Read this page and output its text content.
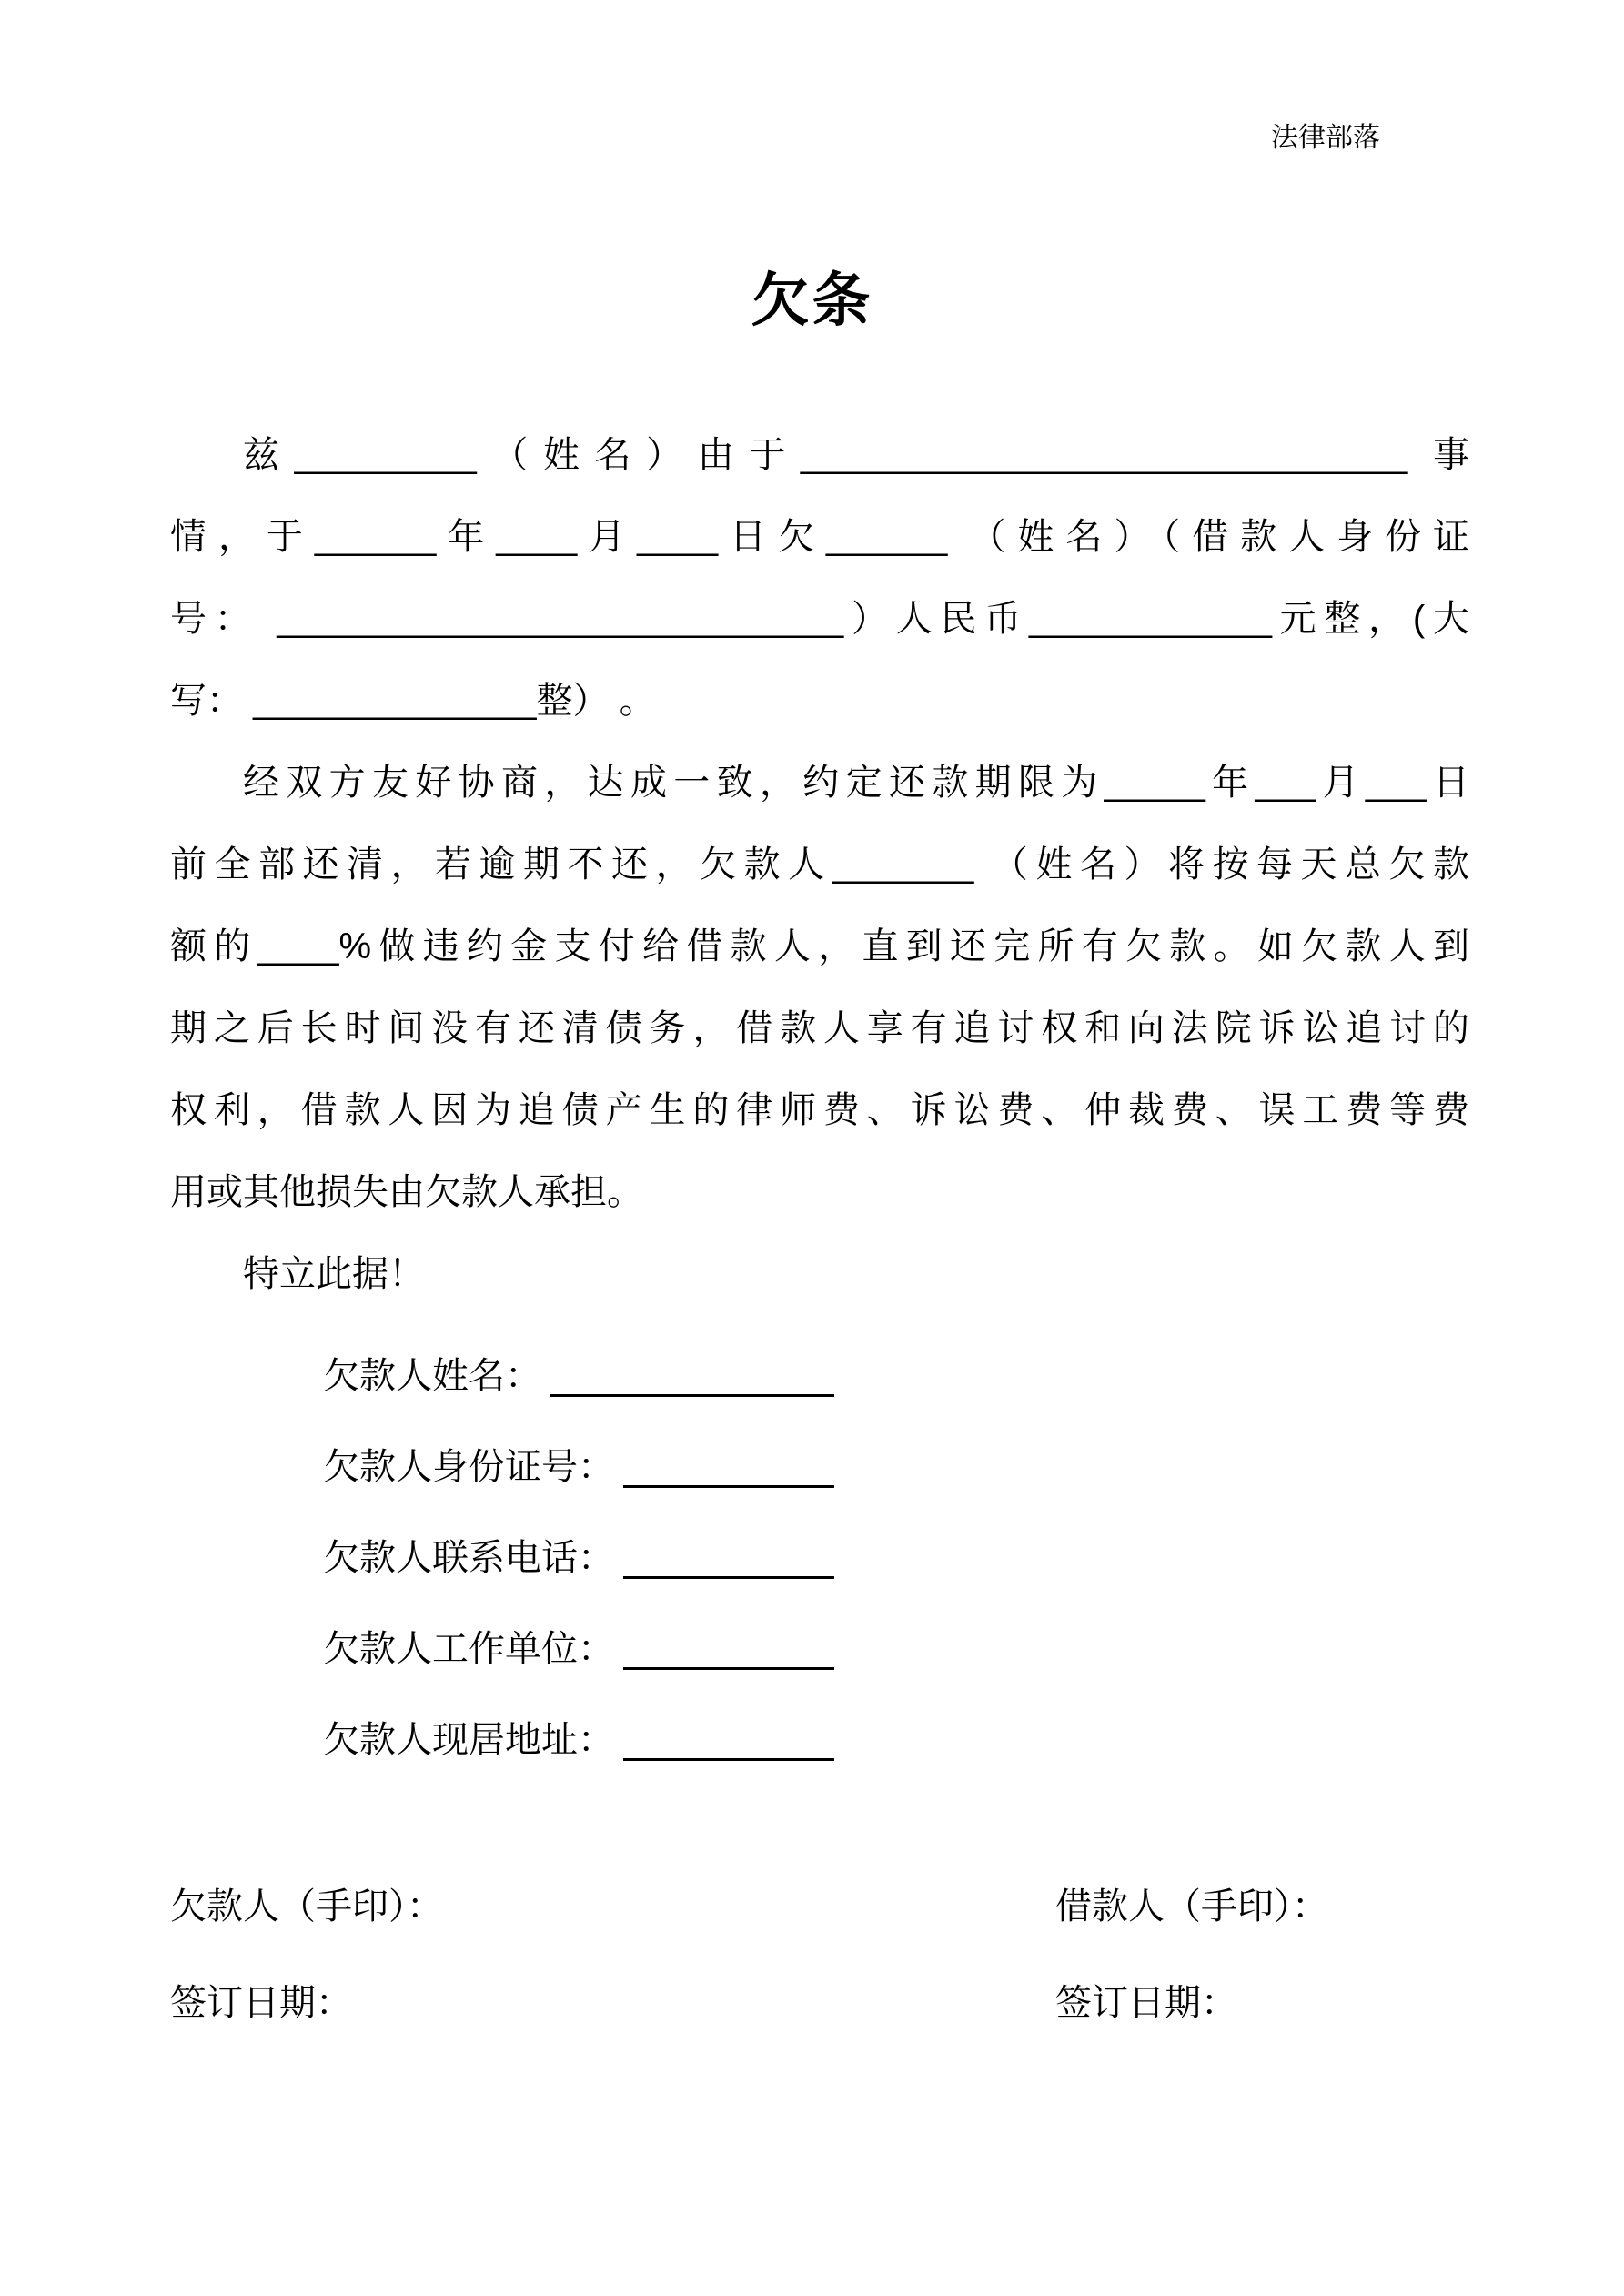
法律部落
欠条
兹_________（姓名）由于______________________________ 事
情，于______年____月____日欠______ （姓名）（借款人身份证
号： ____________________________）人民币____________元整，(大
写： ______________整） 。
经双方友好协商，达成一致，约定还款期限为_____年___月___日
前全部还清，若逾期不还，欠款人_______ （姓名）将按每天总欠款
额的____%做违约金支付给借款人，直到还完所有欠款。如欠款人到
期之后长时间没有还清债务，借款人享有追讨权和向法院诉讼追讨的
权利，借款人因为追债产生的律师费、诉讼费、仲裁费、误工费等费
用或其他损失由欠款人承担。
特立此据！
欠款人姓名：
欠款人身份证号：
欠款人联系电话：
欠款人工作单位：
欠款人现居地址：
欠款人（手印）：
签订日期：
借款人（手印）：
签订日期：
